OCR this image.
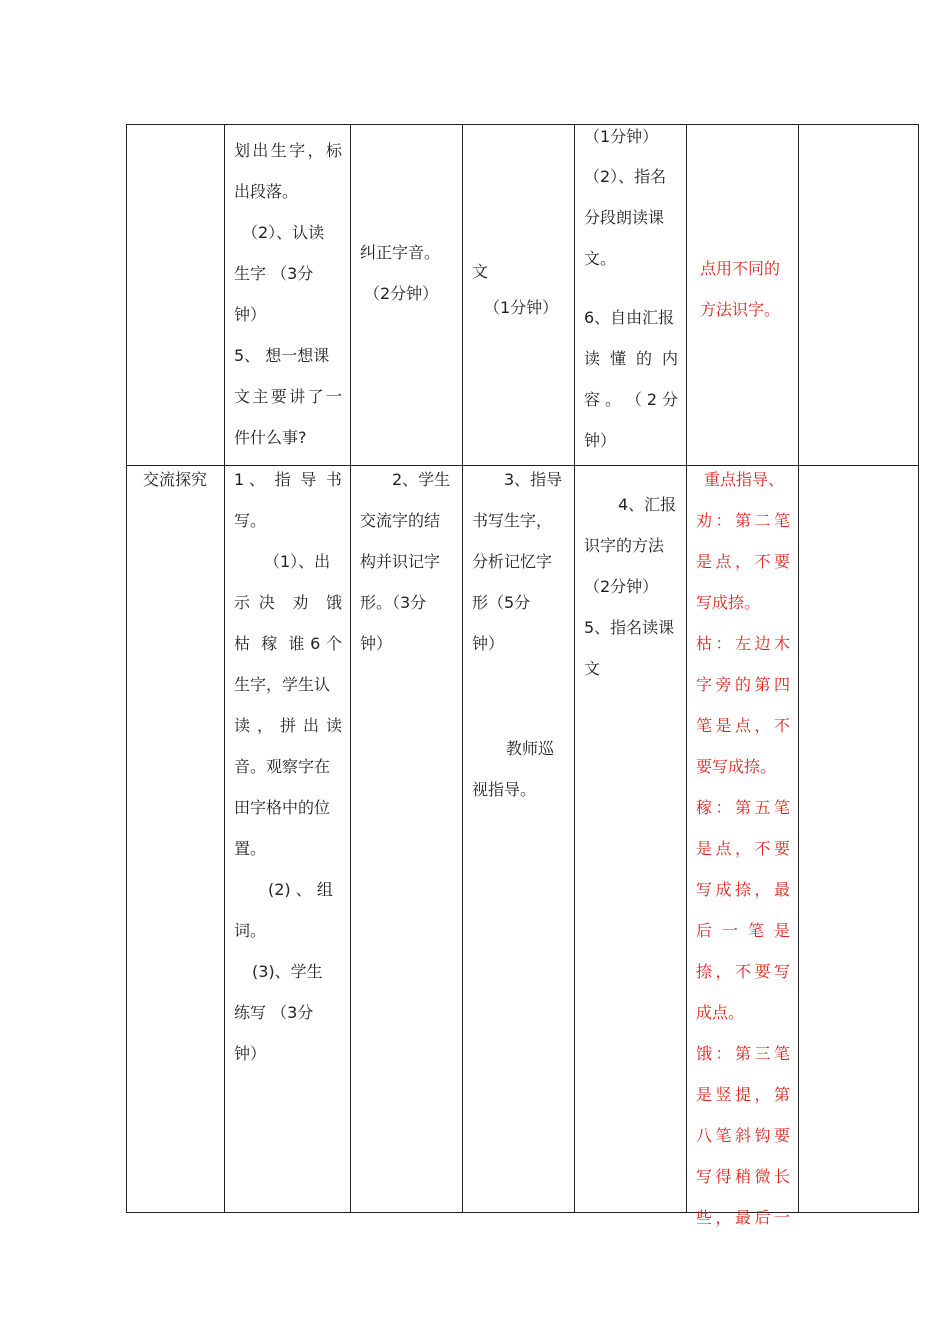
划 出 生 字 ， 标
出段落。
（2）、认读
生字 （3分
钟）
5、 想一想课
文 主 要 讲 了 一
件什么事?
纠正字音。
（2分钟）
文
（1分钟）
（1分钟）
（2）、指名
分段朗读课
文。
6、自由汇报
读 懂 的 内
容 。 （ 2 分
钟）
点用不同的
方法识字。
交流探究	1 、 指 导 书
写。
（1）、出
示 决 劝 饿
枯 稼 谁 6 个
生字，学生认
读 ， 拼 出 读
音。观察字在
田字格中的位
置。
(2) 、 组
词。
(3)、学生
练写 （3分
钟）
2、学生
交流字的结
构并识记字
形。（3分
钟）
3、指导
书写生字，
分析记忆字
形（5分
钟）
教师巡
视指导。
4、汇报
识字的方法
（2分钟）
5、指名读课
文
重点指导、
劝 ： 第 二 笔
是 点 ， 不 要
写成捺。
枯 ： 左 边 木
字 旁 的 第 四
笔 是 点 ， 不
要写成捺。
稼 ： 第 五 笔
是 点 ， 不 要
写 成 捺 ， 最
后 一 笔 是
捺 ， 不 要 写
成点。
饿 ： 第 三 笔
是 竖 提 ， 第
八 笔 斜 钩 要
写 得 稍 微 长
些 ， 最 后 一
